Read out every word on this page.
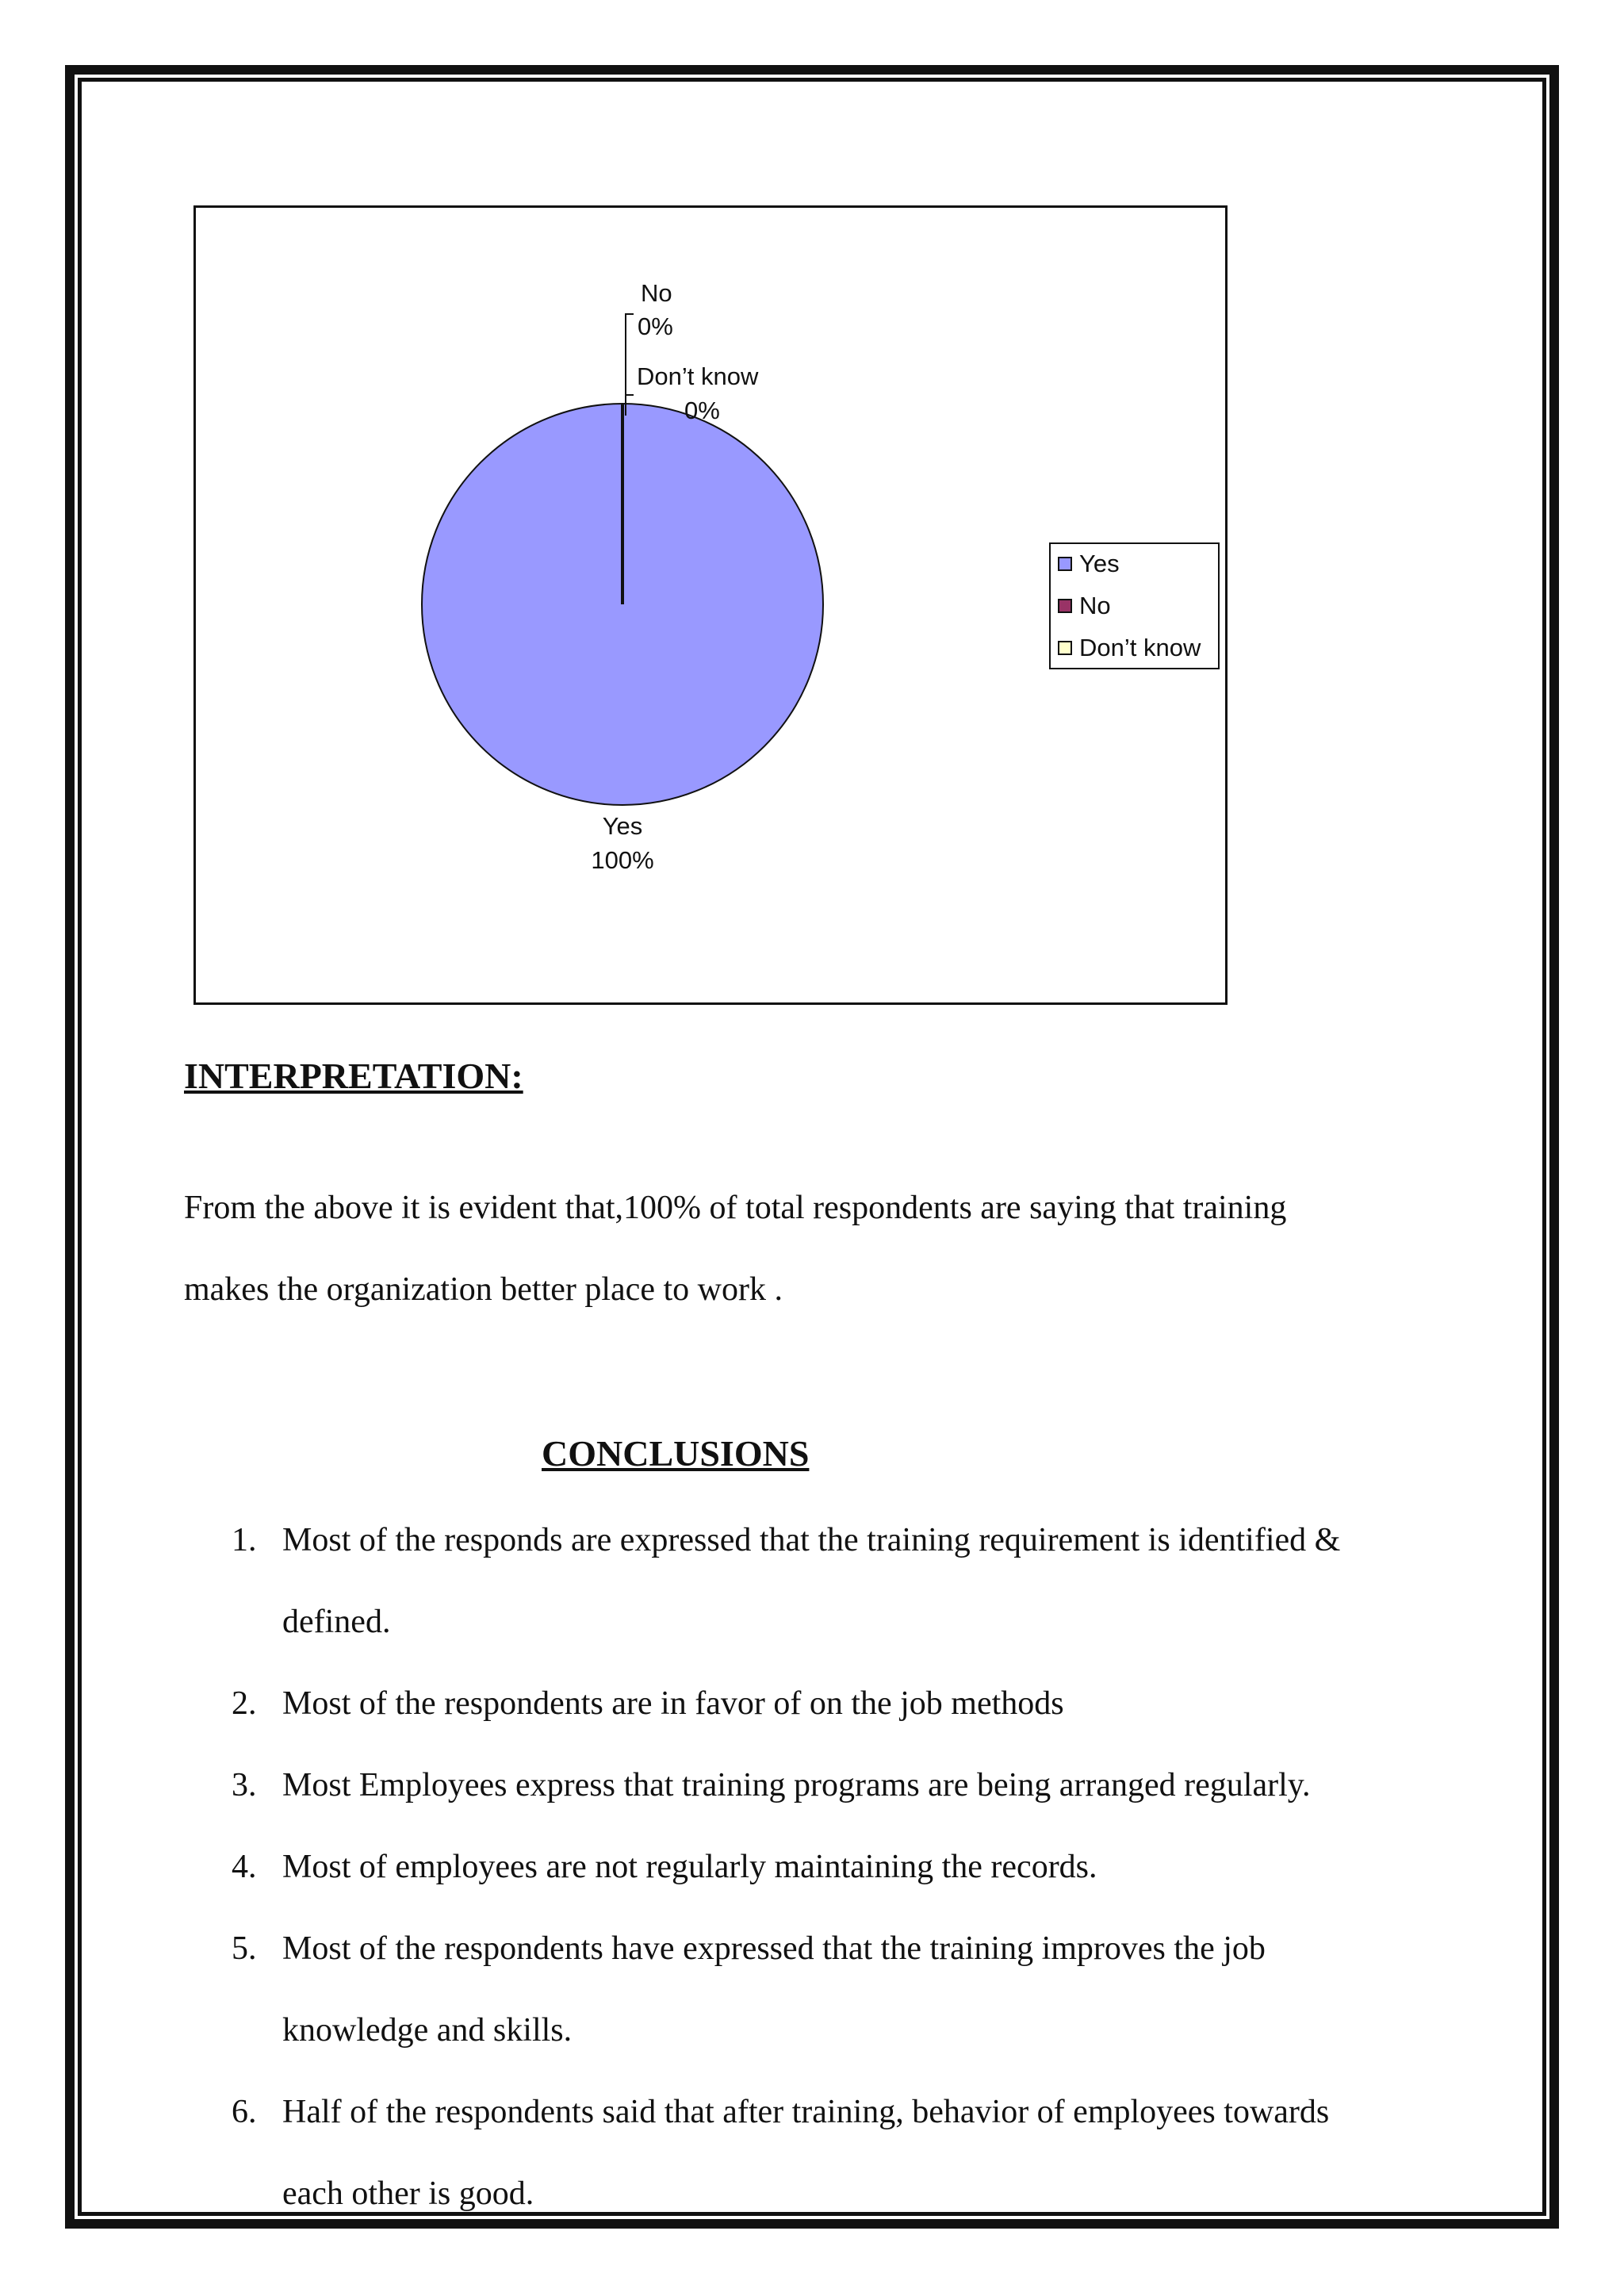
No
0%
Don’t know
0%
Yes
100%
Yes
No
Don’t know
INTERPRETATION:

From the above it is evident that,100% of total respondents are saying that training

makes the organization better place to work .

CONCLUSIONS
1. Most of the responds are expressed that the training requirement is identified &
defined.
2. Most of the respondents are in favor of on the job methods
3. Most Employees express that training programs are being arranged regularly.
4. Most of employees are not regularly maintaining the records.
5. Most of the respondents have expressed that the training improves the job
knowledge and skills.
6. Half of the respondents said that after training, behavior of employees towards
each other is good.
